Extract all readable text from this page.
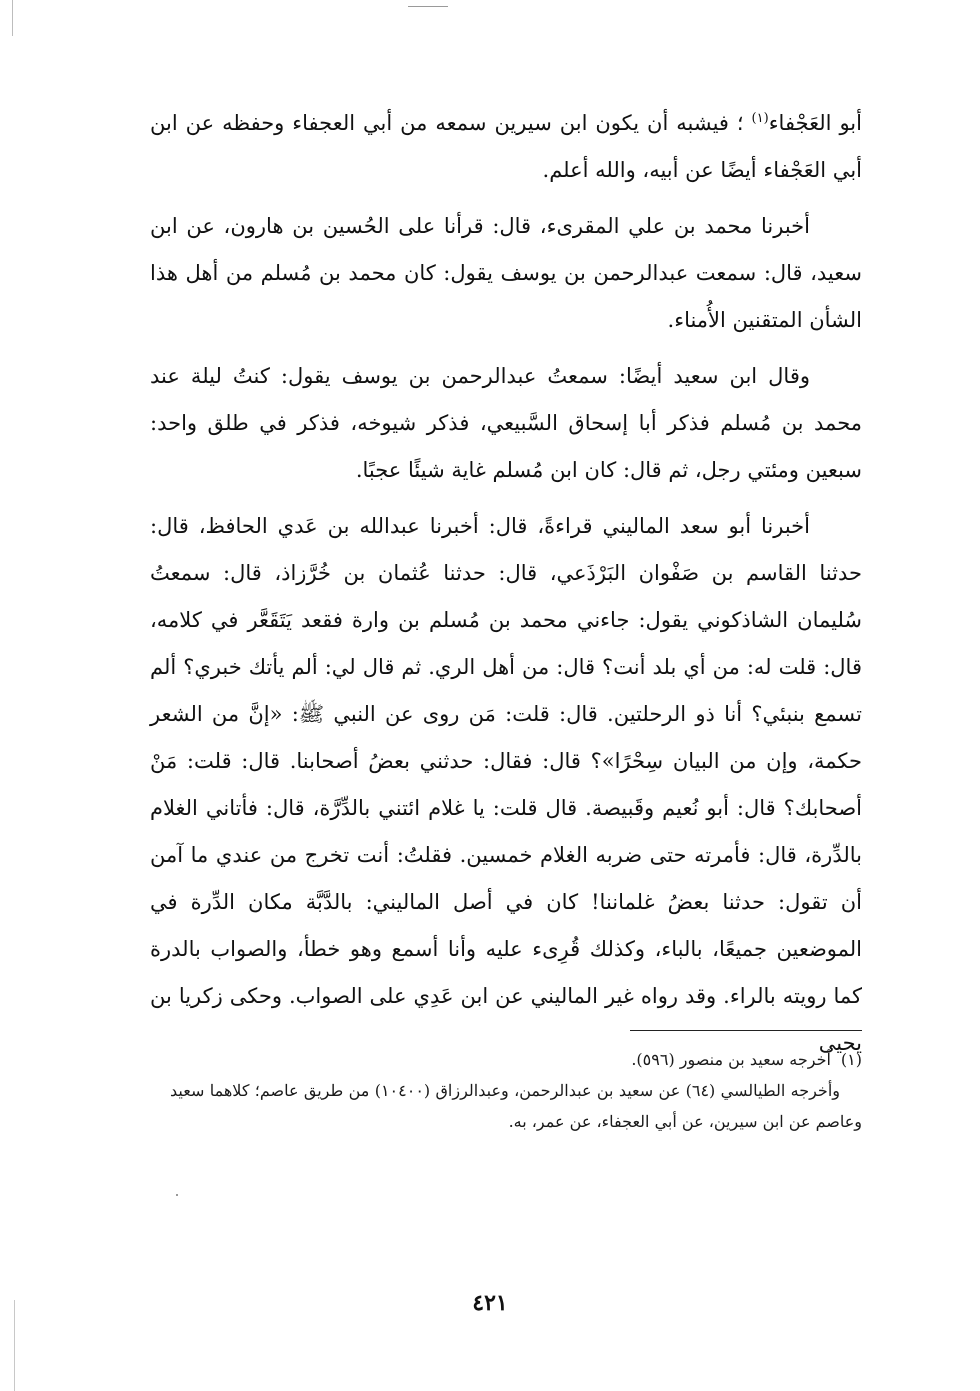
أبو العَجْفاء$^{(١)}$ ؛ فيشبه أن يكون ابن سيرين سمعه من أبي العجفاء وحفظه عن ابن أبي العَجْفاء أيضًا عن أبيه، والله أعلم.

أخبرنا محمد بن علي المقرىء، قال: قرأنا على الحُسين بن هارون، عن ابن سعيد، قال: سمعت عبدالرحمن بن يوسف يقول: كان محمد بن مُسلم من أهل هذا الشأن المتقنين الأُمناء.

وقال ابن سعيد أيضًا: سمعتُ عبدالرحمن بن يوسف يقول: كنتُ ليلة عند محمد بن مُسلم فذكر أبا إسحاق السَّبيعي، فذكر شيوخه، فذكر في طلق واحد: سبعين ومئتي رجل، ثم قال: كان ابن مُسلم غاية شيئًا عجبًا.

أخبرنا أبو سعد الماليني قراءةً، قال: أخبرنا عبدالله بن عَدي الحافظ، قال: حدثنا القاسم بن صَفْوان البَرْذَعي، قال: حدثنا عُثمان بن خُرَّزاذ، قال: سمعتُ سُليمان الشاذكوني يقول: جاءني محمد بن مُسلم بن وارة فقعد يَتَقَعَّر في كلامه، قال: قلت له: من أي بلد أنت؟ قال: من أهل الري. ثم قال لي: ألم يأتك خبري؟ ألم تسمع بنبئي؟ أنا ذو الرحلتين. قال: قلت: مَن روى عن النبي ﷺ: «إنَّ من الشعر حكمة، وإن من البيان سِحْرًا»؟ قال: فقال: حدثني بعضُ أصحابنا. قال: قلت: مَنْ أصحابك؟ قال: أبو نُعيم وقَبيصة. قال قلت: يا غلام ائتني بالدِّرَّة، قال: فأتاني الغلام بالدِّرة، قال: فأمرته حتى ضربه الغلام خمسين. فقلتُ: أنت تخرج من عندي ما آمن أن تقول: حدثنا بعضُ غلماننا! كان في أصل الماليني: بالدَّبَّة مكان الدِّرة في الموضعين جميعًا، بالباء، وكذلك قُرِىء عليه وأنا أسمع وهو خطأ، والصواب بالدرة كما رويته بالراء. وقد رواه غير الماليني عن ابن عَدِي على الصواب. وحكى زكريا بن يحيى

(١)أخرجه سعيد بن منصور (٥٩٦).

وأخرجه الطيالسي (٦٤) عن سعيد بن عبدالرحمن، وعبدالرزاق (١٠٤٠٠) من طريق عاصم؛ كلاهما سعيد وعاصم عن ابن سيرين، عن أبي العجفاء، عن عمر، به.

٤٢١
